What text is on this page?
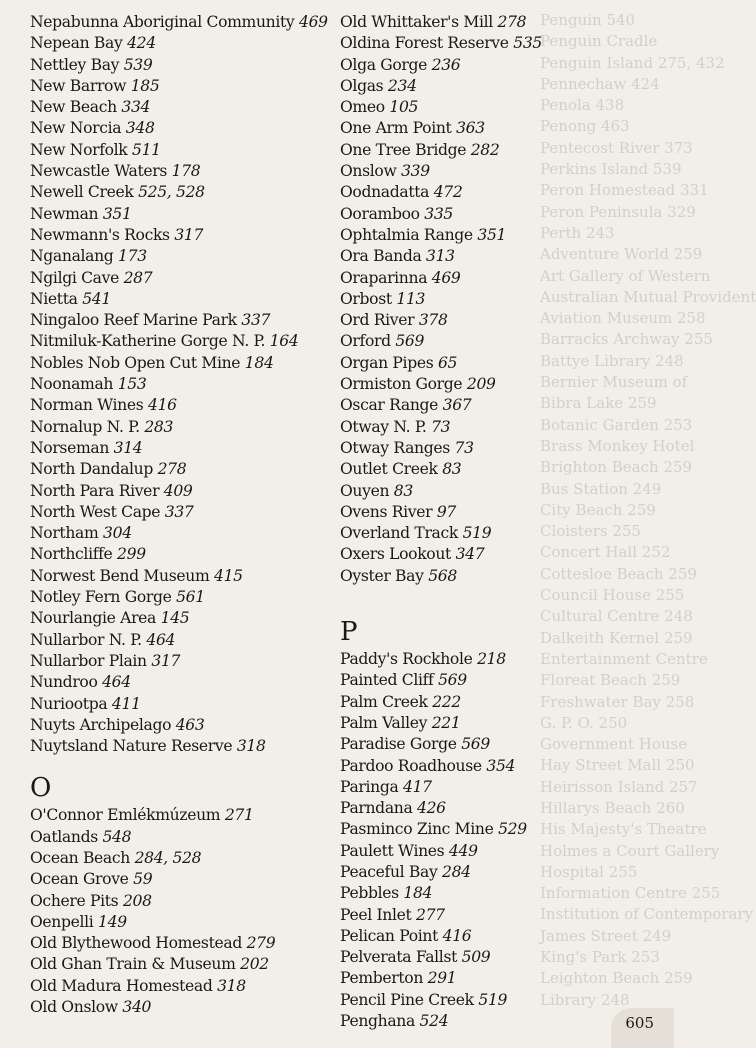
Penguin 540
Penguin Cradle
Penguin Island 275, 432
Pennechaw 424
Penola 438
Penong 463
Pentecost River 373
Perkins Island 539
Peron Homestead 331
Peron Peninsula 329
Perth 243
Adventure World 259
Art Gallery of Western
Australian Mutual Provident
Aviation Museum 258
Barracks Archway 255
Battye Library 248
Bernier Museum of
Bibra Lake 259
Botanic Garden 253
Brass Monkey Hotel
Brighton Beach 259
Bus Station 249
City Beach 259
Cloisters 255
Concert Hall 252
Cottesloe Beach 259
Council House 255
Cultural Centre 248
Dalkeith Kernel 259
Entertainment Centre
Floreat Beach 259
Freshwater Bay 258
G. P. O. 250
Government House
Hay Street Mall 250
Heirisson Island 257
Hillarys Beach 260
His Majesty's Theatre
Holmes a Court Gallery
Hospital 255
Information Centre 255
Institution of Contemporary
James Street 249
King's Park 253
Leighton Beach 259
Library 248
Nepabunna Aboriginal Community 469
Nepean Bay 424
Nettley Bay 539
New Barrow 185
New Beach 334
New Norcia 348
New Norfolk 511
Newcastle Waters 178
Newell Creek 525, 528
Newman 351
Newmann's Rocks 317
Nganalang 173
Ngilgi Cave 287
Nietta 541
Ningaloo Reef Marine Park 337
Nitmiluk-Katherine Gorge N. P. 164
Nobles Nob Open Cut Mine 184
Noonamah 153
Norman Wines 416
Nornalup N. P. 283
Norseman 314
North Dandalup 278
North Para River 409
North West Cape 337
Northam 304
Northcliffe 299
Norwest Bend Museum 415
Notley Fern Gorge 561
Nourlangie Area 145
Nullarbor N. P. 464
Nullarbor Plain 317
Nundroo 464
Nuriootpa 411
Nuyts Archipelago 463
Nuytsland Nature Reserve 318
O
O'Connor Emlékmúzeum 271
Oatlands 548
Ocean Beach 284, 528
Ocean Grove 59
Ochere Pits 208
Oenpelli 149
Old Blythewood Homestead 279
Old Ghan Train & Museum 202
Old Madura Homestead 318
Old Onslow 340
Old Whittaker's Mill 278
Oldina Forest Reserve 535
Olga Gorge 236
Olgas 234
Omeo 105
One Arm Point 363
One Tree Bridge 282
Onslow 339
Oodnadatta 472
Ooramboo 335
Ophtalmia Range 351
Ora Banda 313
Oraparinna 469
Orbost 113
Ord River 378
Orford 569
Organ Pipes 65
Ormiston Gorge 209
Oscar Range 367
Otway N. P. 73
Otway Ranges 73
Outlet Creek 83
Ouyen 83
Ovens River 97
Overland Track 519
Oxers Lookout 347
Oyster Bay 568
P
Paddy's Rockhole 218
Painted Cliff 569
Palm Creek 222
Palm Valley 221
Paradise Gorge 569
Pardoo Roadhouse 354
Paringa 417
Parndana 426
Pasminco Zinc Mine 529
Paulett Wines 449
Peaceful Bay 284
Pebbles 184
Peel Inlet 277
Pelican Point 416
Pelverata Fallst 509
Pemberton 291
Pencil Pine Creek 519
Penghana 524	605
